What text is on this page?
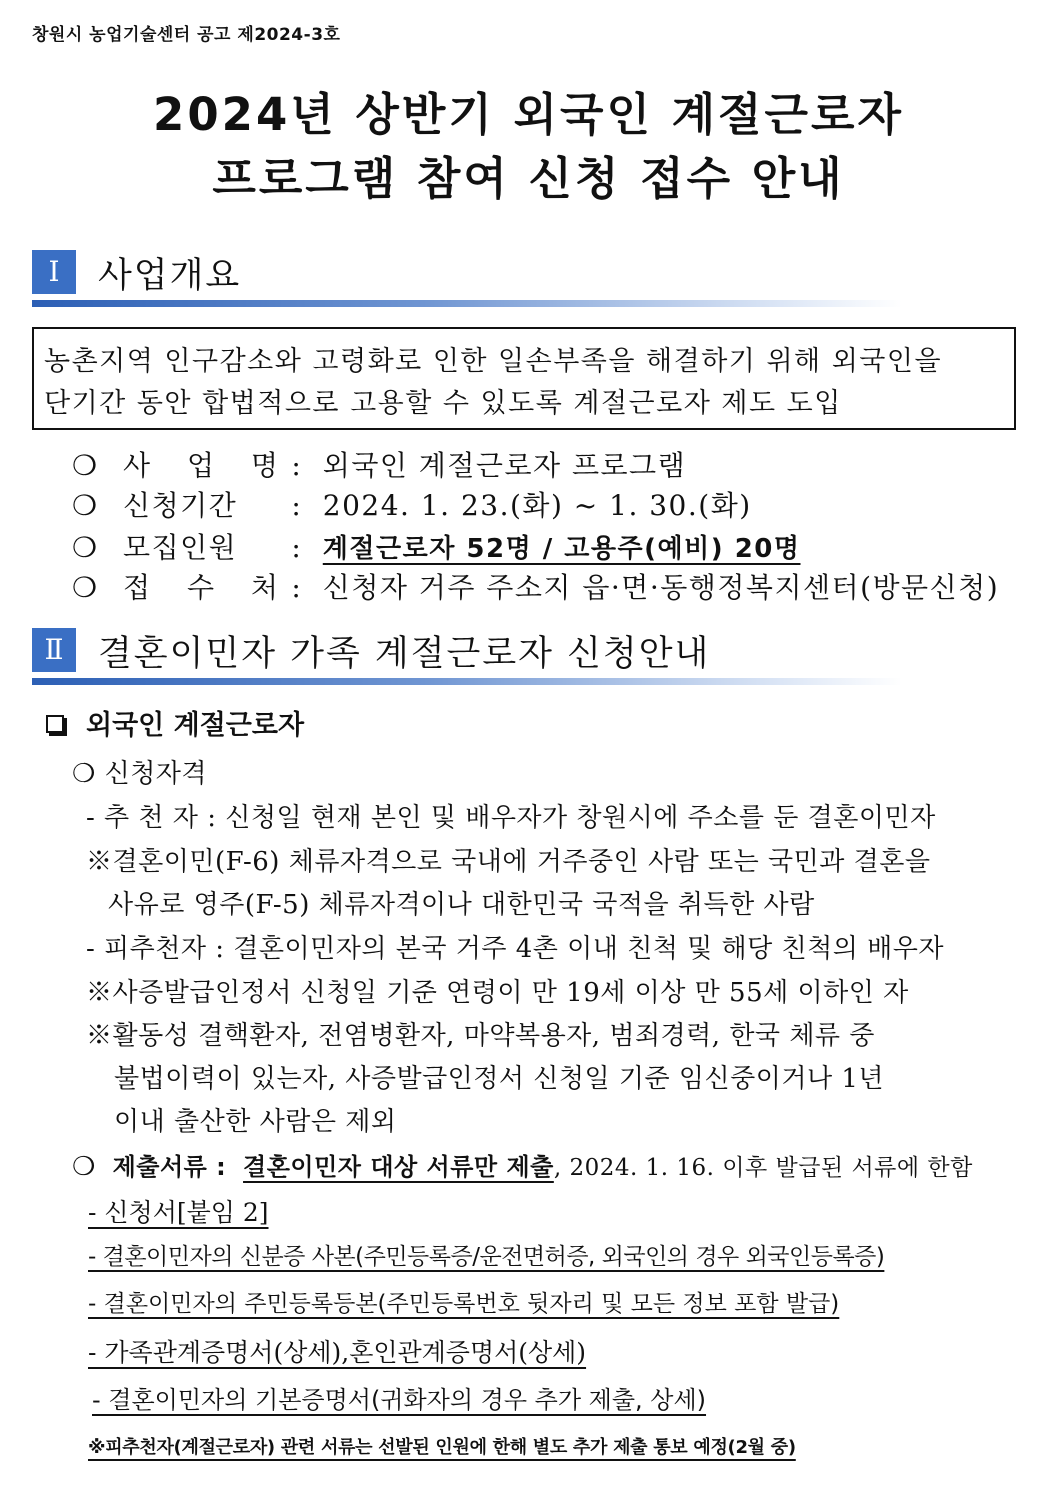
창원시 농업기술센터 공고 제2024-3호
2024년 상반기 외국인 계절근로자
프로그램 참여 신청 접수 안내
Ⅰ	사업개요
농촌지역 인구감소와 고령화로 인한 일손부족을 해결하기 위해 외국인을
단기간 동안 합법적으로 고용할 수 있도록 계절근로자 제도 도입
❍ 사 업 명 : 외국인 계절근로자 프로그램
❍ 신청기간 : 2024. 1. 23.(화) ~ 1. 30.(화)
❍ 모집인원 : 계절근로자 52명 / 고용주(예비) 20명
❍ 접 수 처 : 신청자 거주 주소지 읍·면·동행정복지센터(방문신청)
Ⅱ 결혼이민자 가족 계절근로자 신청안내
외국인 계절근로자
❍ 신청자격
- 추 천 자 : 신청일 현재 본인 및 배우자가 창원시에 주소를 둔 결혼이민자
※결혼이민(F-6) 체류자격으로 국내에 거주중인 사람 또는 국민과 결혼을
사유로 영주(F-5) 체류자격이나 대한민국 국적을 취득한 사람
- 피추천자 : 결혼이민자의 본국 거주 4촌 이내 친척 및 해당 친척의 배우자
※사증발급인정서 신청일 기준 연령이 만 19세 이상 만 55세 이하인 자
※활동성 결핵환자, 전염병환자, 마약복용자, 범죄경력, 한국 체류 중
불법이력이 있는자, 사증발급인정서 신청일 기준 임신중이거나 1년
이내 출산한 사람은 제외
❍ 제출서류 : 결혼이민자 대상 서류만 제출, 2024. 1. 16. 이후 발급된 서류에 한함
- 신청서[붙임 2]
- 결혼이민자의 신분증 사본(주민등록증/운전면허증, 외국인의 경우 외국인등록증)
- 결혼이민자의 주민등록등본(주민등록번호 뒷자리 및 모든 정보 포함 발급)
- 가족관계증명서(상세),혼인관계증명서(상세)
- 결혼이민자의 기본증명서(귀화자의 경우 추가 제출, 상세)
※피추천자(계절근로자) 관련 서류는 선발된 인원에 한해 별도 추가 제출 통보 예정(2월 중)
